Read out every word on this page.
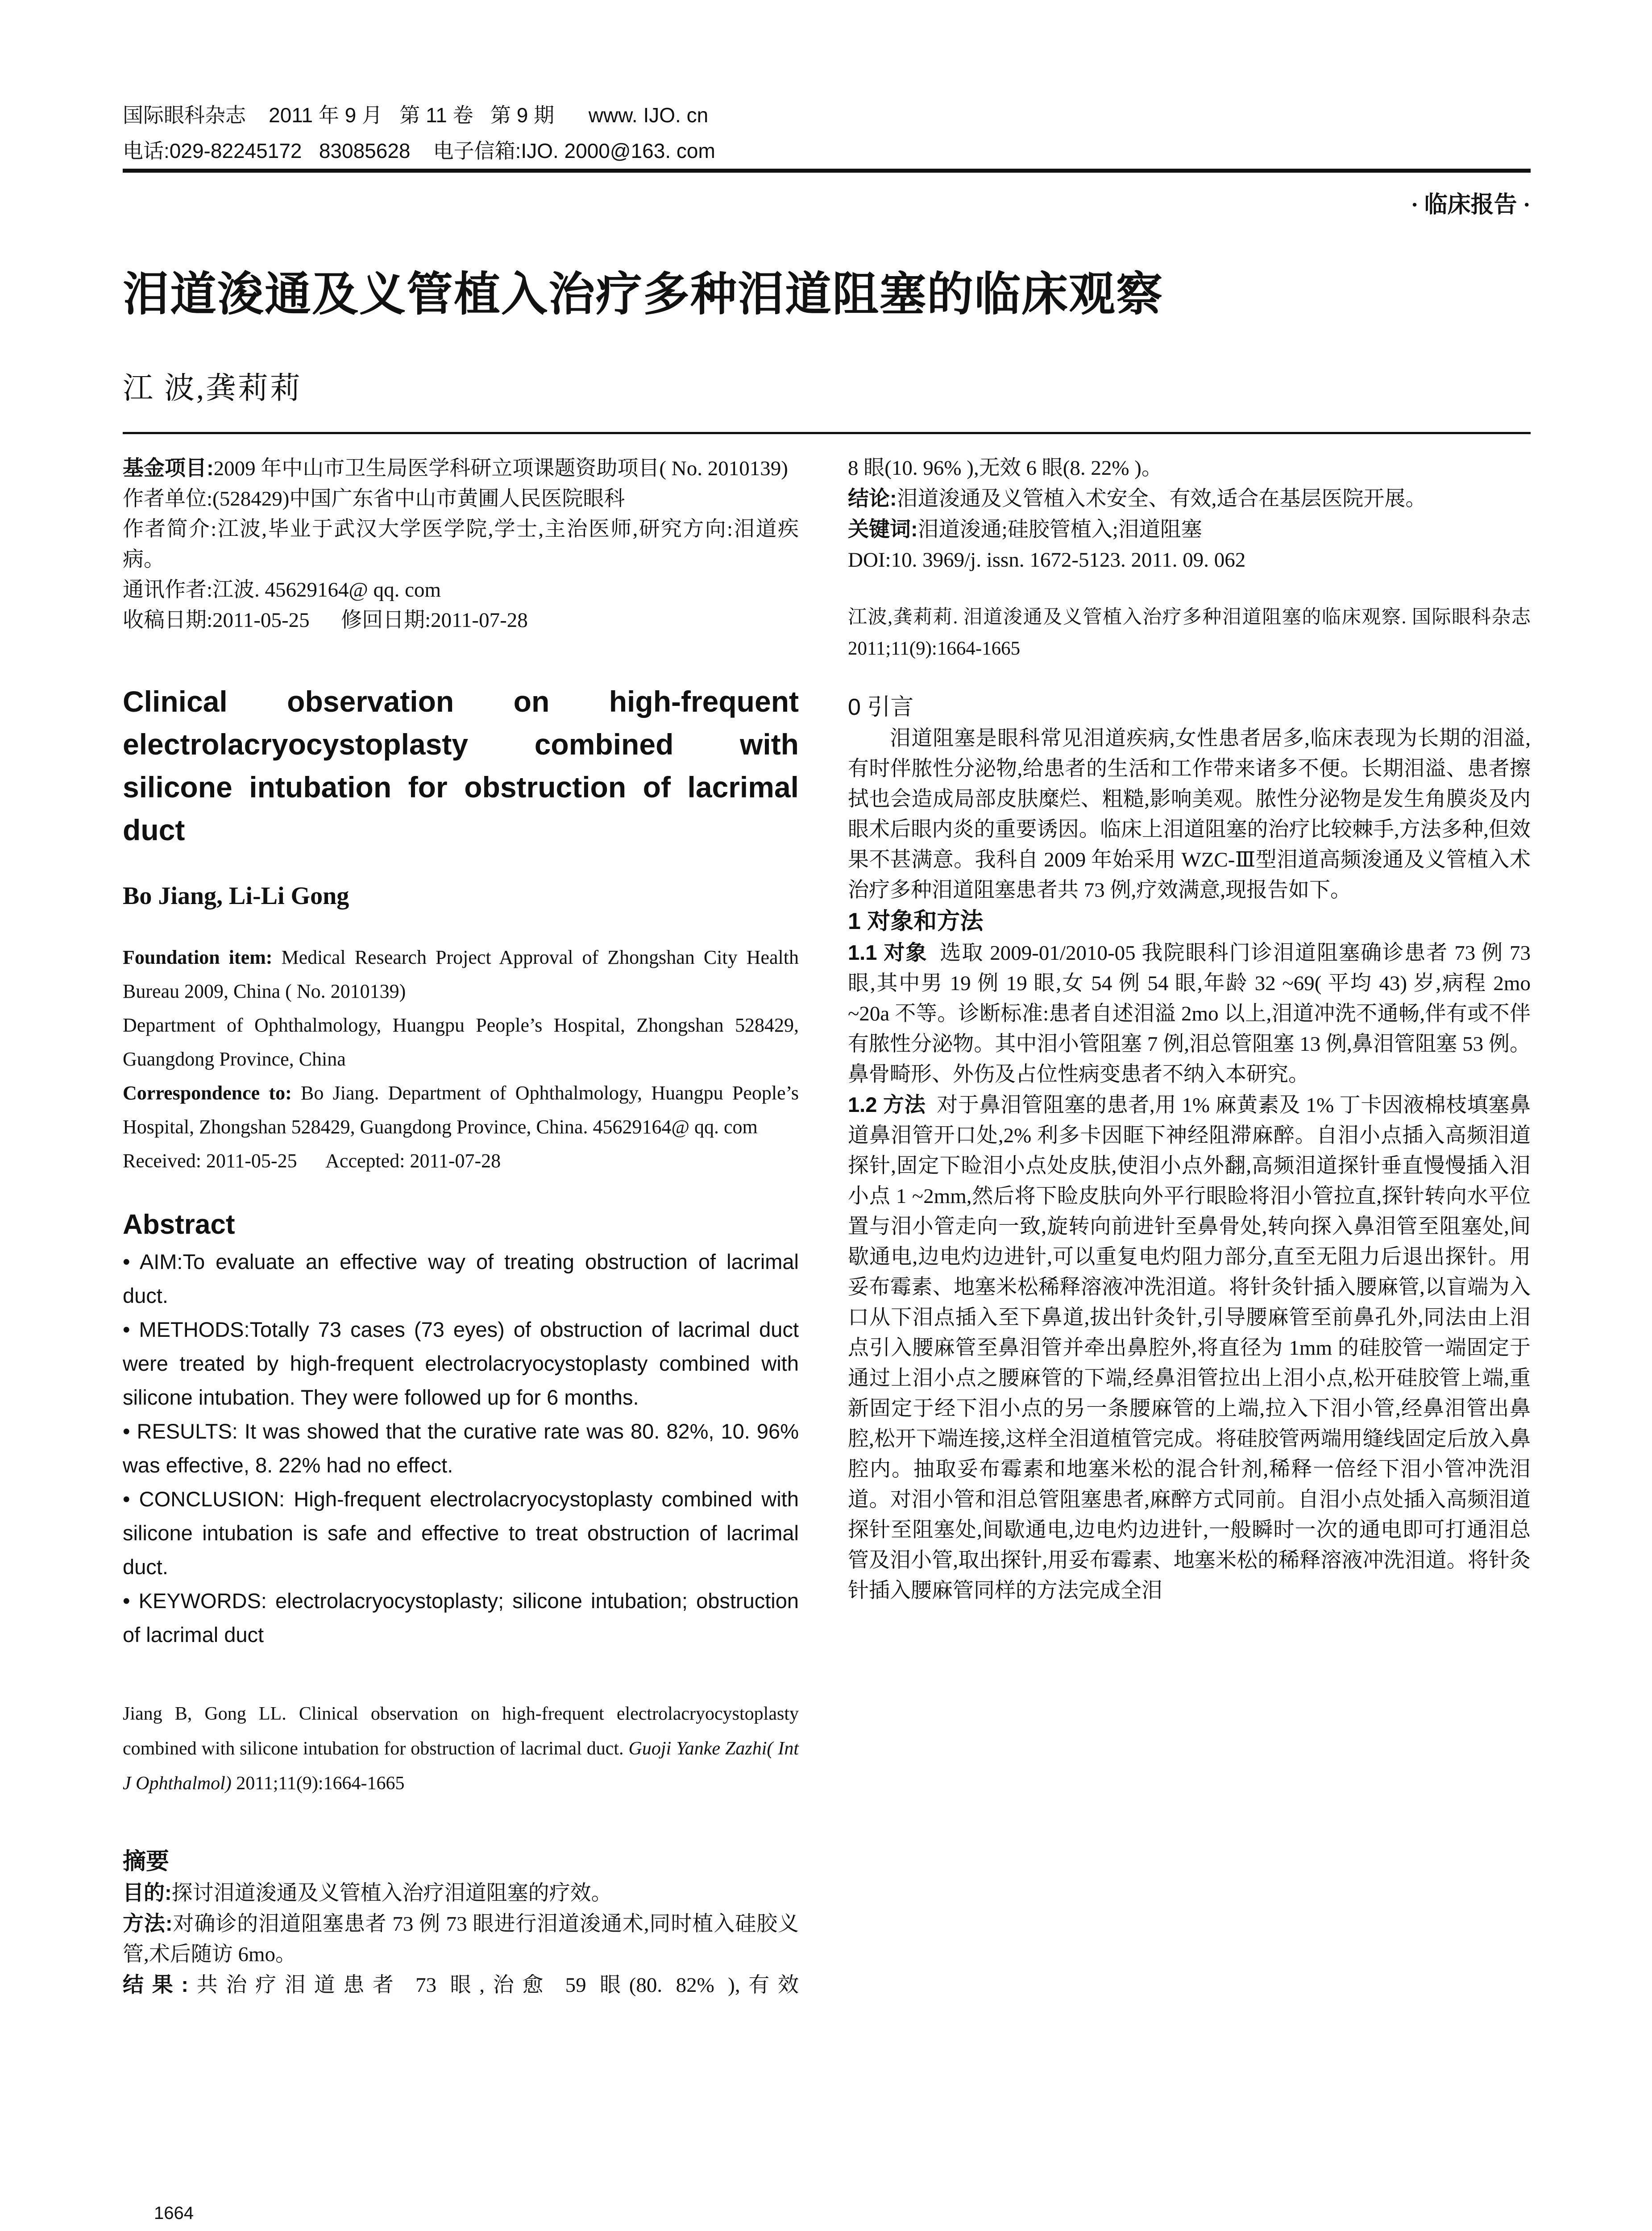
国际眼科杂志    2011 年 9 月   第 11 卷   第 9 期      www. IJO. cn
电话:029-82245172   83085628    电子信箱:IJO. 2000@163. com
· 临床报告 ·
泪道浚通及义管植入治疗多种泪道阻塞的临床观察
江 波,龚莉莉

基金项目:2009 年中山市卫生局医学科研立项课题资助项目( No. 2010139)

作者单位:(528429)中国广东省中山市黄圃人民医院眼科

作者简介:江波,毕业于武汉大学医学院,学士,主治医师,研究方向:泪道疾病。

通讯作者:江波. 45629164@ qq. com

收稿日期:2011-05-25      修回日期:2011-07-28

Clinical observation on high-frequent electrolacryocystoplasty combined with silicone intubation for obstruction of lacrimal duct

Bo Jiang, Li-Li Gong

Foundation item: Medical Research Project Approval of Zhongshan City Health Bureau 2009, China ( No. 2010139)

Department of Ophthalmology, Huangpu People’s Hospital, Zhongshan 528429, Guangdong Province, China

Correspondence to: Bo Jiang. Department of Ophthalmology, Huangpu People’s Hospital, Zhongshan 528429, Guangdong Province, China. 45629164@ qq. com

Received: 2011-05-25      Accepted: 2011-07-28

Abstract

• AIM:To evaluate an effective way of treating obstruction of lacrimal duct.

• METHODS:Totally 73 cases (73 eyes) of obstruction of lacrimal duct were treated by high-frequent electrolacryocystoplasty combined with silicone intubation. They were followed up for 6 months.

• RESULTS: It was showed that the curative rate was 80. 82%, 10. 96% was effective, 8. 22% had no effect.

• CONCLUSION: High-frequent electrolacryocystoplasty combined with silicone intubation is safe and effective to treat obstruction of lacrimal duct.

• KEYWORDS: electrolacryocystoplasty; silicone intubation; obstruction of lacrimal duct

Jiang B, Gong LL. Clinical observation on high-frequent electrolacryocystoplasty combined with silicone intubation for obstruction of lacrimal duct. Guoji Yanke Zazhi( Int J Ophthalmol) 2011;11(9):1664-1665

摘要

目的:探讨泪道浚通及义管植入治疗泪道阻塞的疗效。

方法:对确诊的泪道阻塞患者 73 例 73 眼进行泪道浚通术,同时植入硅胶义管,术后随访 6mo。

结果:共治疗泪道患者 73 眼,治愈 59 眼(80. 82% ),有效

1664

8 眼(10. 96% ),无效 6 眼(8. 22% )。

结论:泪道浚通及义管植入术安全、有效,适合在基层医院开展。

关键词:泪道浚通;硅胶管植入;泪道阻塞

DOI:10. 3969/j. issn. 1672-5123. 2011. 09. 062

江波,龚莉莉. 泪道浚通及义管植入治疗多种泪道阻塞的临床观察. 国际眼科杂志 2011;11(9):1664-1665

0 引言

泪道阻塞是眼科常见泪道疾病,女性患者居多,临床表现为长期的泪溢,有时伴脓性分泌物,给患者的生活和工作带来诸多不便。长期泪溢、患者擦拭也会造成局部皮肤糜烂、粗糙,影响美观。脓性分泌物是发生角膜炎及内眼术后眼内炎的重要诱因。临床上泪道阻塞的治疗比较棘手,方法多种,但效果不甚满意。我科自 2009 年始采用 WZC-Ⅲ型泪道高频浚通及义管植入术治疗多种泪道阻塞患者共 73 例,疗效满意,现报告如下。

1 对象和方法

1.1 对象  选取 2009-01/2010-05 我院眼科门诊泪道阻塞确诊患者 73 例 73 眼,其中男 19 例 19 眼,女 54 例 54 眼,年龄 32 ~69( 平均 43) 岁,病程 2mo ~20a 不等。诊断标准:患者自述泪溢 2mo 以上,泪道冲洗不通畅,伴有或不伴有脓性分泌物。其中泪小管阻塞 7 例,泪总管阻塞 13 例,鼻泪管阻塞 53 例。鼻骨畸形、外伤及占位性病变患者不纳入本研究。

1.2 方法  对于鼻泪管阻塞的患者,用 1% 麻黄素及 1% 丁卡因液棉枝填塞鼻道鼻泪管开口处,2% 利多卡因眶下神经阻滞麻醉。自泪小点插入高频泪道探针,固定下睑泪小点处皮肤,使泪小点外翻,高频泪道探针垂直慢慢插入泪小点 1 ~2mm,然后将下睑皮肤向外平行眼睑将泪小管拉直,探针转向水平位置与泪小管走向一致,旋转向前进针至鼻骨处,转向探入鼻泪管至阻塞处,间歇通电,边电灼边进针,可以重复电灼阻力部分,直至无阻力后退出探针。用妥布霉素、地塞米松稀释溶液冲洗泪道。将针灸针插入腰麻管,以盲端为入口从下泪点插入至下鼻道,拔出针灸针,引导腰麻管至前鼻孔外,同法由上泪点引入腰麻管至鼻泪管并牵出鼻腔外,将直径为 1mm 的硅胶管一端固定于通过上泪小点之腰麻管的下端,经鼻泪管拉出上泪小点,松开硅胶管上端,重新固定于经下泪小点的另一条腰麻管的上端,拉入下泪小管,经鼻泪管出鼻腔,松开下端连接,这样全泪道植管完成。将硅胶管两端用缝线固定后放入鼻腔内。抽取妥布霉素和地塞米松的混合针剂,稀释一倍经下泪小管冲洗泪道。对泪小管和泪总管阻塞患者,麻醉方式同前。自泪小点处插入高频泪道探针至阻塞处,间歇通电,边电灼边进针,一般瞬时一次的通电即可打通泪总管及泪小管,取出探针,用妥布霉素、地塞米松的稀释溶液冲洗泪道。将针灸针插入腰麻管同样的方法完成全泪
